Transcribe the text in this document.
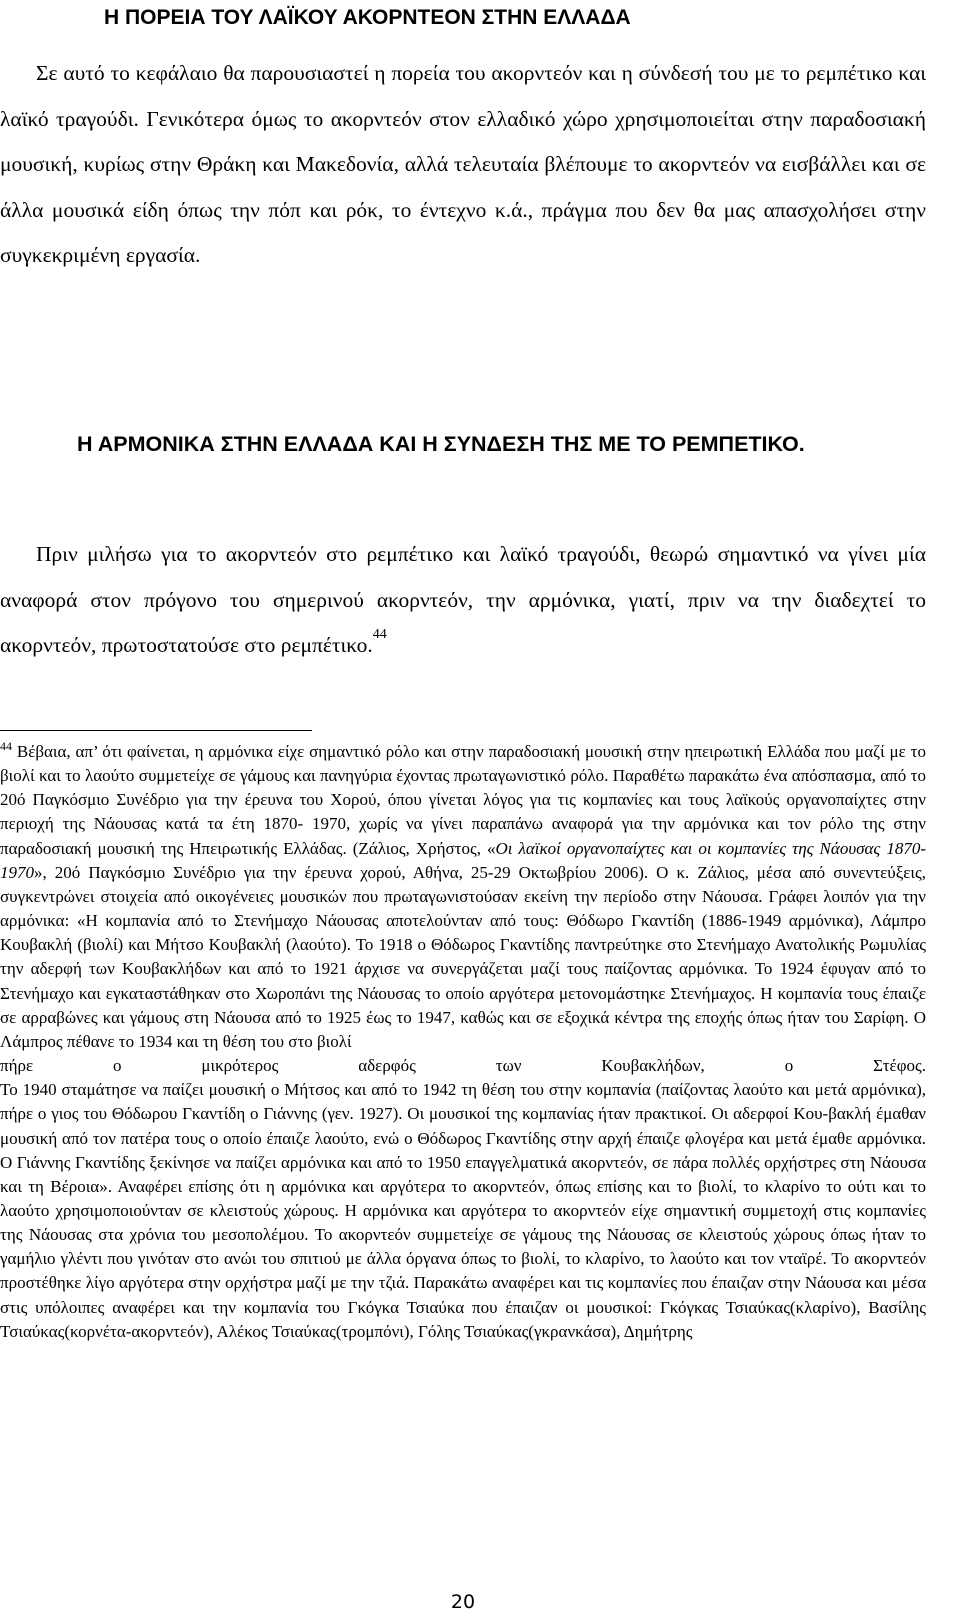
Η ΠΟΡΕΙΑ ΤΟΥ ΛΑΪΚΟΥ ΑΚΟΡΝΤΕΟΝ ΣΤΗΝ ΕΛΛΑΔΑ
Σε αυτό το κεφάλαιο θα παρουσιαστεί η πορεία του ακορντεόν και η σύνδεσή του με το ρεμπέτικο και λαϊκό τραγούδι. Γενικότερα όμως το ακορντεόν στον ελλαδικό χώρο χρησιμοποιείται στην παραδοσιακή μουσική, κυρίως στην Θράκη και Μακεδονία, αλλά τελευταία βλέπουμε το ακορντεόν να εισβάλλει και σε άλλα μουσικά είδη όπως την πόπ και ρόκ, το έντεχνο κ.ά., πράγμα που δεν θα μας απασχολήσει στην συγκεκριμένη εργασία.
Η ΑΡΜΟΝΙΚΑ ΣΤΗΝ ΕΛΛΑΔΑ ΚΑΙ Η ΣΥΝΔΕΣΗ ΤΗΣ ΜΕ ΤΟ ΡΕΜΠΕΤΙΚΟ.
Πριν μιλήσω για το ακορντεόν στο ρεμπέτικο και λαϊκό τραγούδι, θεωρώ σημαντικό να γίνει μία αναφορά στον πρόγονο του σημερινού ακορντεόν, την αρμόνικα, γιατί, πριν να την διαδεχτεί το ακορντεόν, πρωτοστατούσε στο ρεμπέτικο.$^{44}$
$^{44}$ Βέβαια, απ’ ότι φαίνεται, η αρμόνικα είχε σημαντικό ρόλο και στην παραδοσιακή μουσική στην ηπειρωτική Ελλάδα που μαζί με το βιολί και το λαούτο συμμετείχε σε γάμους και πανηγύρια έχοντας πρωταγωνιστικό ρόλο. Παραθέτω παρακάτω ένα απόσπασμα, από το 20ό Παγκόσμιο Συνέδριο για την έρευνα του Χορού, όπου γίνεται λόγος για τις κομπανίες και τους λαϊκούς οργανοπαίχτες στην περιοχή της Νάουσας κατά τα έτη 1870- 1970, χωρίς να γίνει παραπάνω αναφορά για την αρμόνικα και τον ρόλο της στην παραδοσιακή μουσική της Ηπειρωτικής Ελλάδας. (Ζάλιος, Χρήστος, «Οι λαϊκοί οργανοπαίχτες και οι κομπανίες της Νάουσας 1870-1970», 20ό Παγκόσμιο Συνέδριο για την έρευνα χορού, Αθήνα, 25-29 Οκτωβρίου 2006). Ο κ. Ζάλιος, μέσα από συνεντεύξεις, συγκεντρώνει στοιχεία από οικογένειες μουσικών που πρωταγωνιστούσαν εκείνη την περίοδο στην Νάουσα. Γράφει λοιπόν για την αρμόνικα: «Η κομπανία από το Στενήμαχο Νάουσας αποτελούνταν από τους: Θόδωρο Γκαντίδη (1886-1949 αρμόνικα), Λάμπρο Κουβακλή (βιολί) και Μήτσο Κουβακλή (λαούτο). Το 1918 ο Θόδωρος Γκαντίδης παντρεύτηκε στο Στενήμαχο Ανατολικής Ρωμυλίας την αδερφή των Κουβακλήδων και από το 1921 άρχισε να συνεργάζεται μαζί τους παίζοντας αρμόνικα. Το 1924 έφυγαν από το Στενήμαχο και εγκαταστάθηκαν στο Χωροπάνι της Νάουσας το οποίο αργότερα μετονομάστηκε Στενήμαχος. Η κομπανία τους έπαιζε σε αρραβώνες και γάμους στη Νάουσα από το 1925 έως το 1947, καθώς και σε εξοχικά κέντρα της εποχής όπως ήταν του Σαρίφη. Ο Λάμπρος πέθανε το 1934 και τη θέση του στο βιολί
πήρε ο μικρότερος αδερφός των Κουβακλήδων, ο Στέφος.
Το 1940 σταμάτησε να παίζει μουσική ο Μήτσος και από το 1942 τη θέση του στην κομπανία (παίζοντας λαούτο και μετά αρμόνικα), πήρε ο γιος του Θόδωρου Γκαντίδη ο Γιάννης (γεν. 1927). Οι μουσικοί της κομπανίας ήταν πρακτικοί. Οι αδερφοί Κου-βακλή έμαθαν μουσική από τον πατέρα τους ο οποίο έπαιζε λαούτο, ενώ ο Θόδωρος Γκαντίδης στην αρχή έπαιζε φλογέρα και μετά έμαθε αρμόνικα. Ο Γιάννης Γκαντίδης ξεκίνησε να παίζει αρμόνικα και από το 1950 επαγγελματικά ακορντεόν, σε πάρα πολλές ορχήστρες στη Νάουσα και τη Βέροια». Αναφέρει επίσης ότι η αρμόνικα και αργότερα το ακορντεόν, όπως επίσης και το βιολί, το κλαρίνο το ούτι και το λαούτο χρησιμοποιούνταν σε κλειστούς χώρους. Η αρμόνικα και αργότερα το ακορντεόν είχε σημαντική συμμετοχή στις κομπανίες της Νάουσας στα χρόνια του μεσοπολέμου. Το ακορντεόν συμμετείχε σε γάμους της Νάουσας σε κλειστούς χώρους όπως ήταν το γαμήλιο γλέντι που γινόταν στο ανώι του σπιτιού με άλλα όργανα όπως το βιολί, το κλαρίνο, το λαούτο και τον νταϊρέ. Το ακορντεόν προστέθηκε λίγο αργότερα στην ορχήστρα μαζί με την τζιά. Παρακάτω αναφέρει και τις κομπανίες που έπαιζαν στην Νάουσα και μέσα στις υπόλοιπες αναφέρει και την κομπανία του Γκόγκα Τσιαύκα που έπαιζαν οι μουσικοί: Γκόγκας Τσιαύκας(κλαρίνο), Βασίλης Τσιαύκας(κορνέτα-ακορντεόν), Αλέκος Τσιαύκας(τρομπόνι), Γόλης Τσιαύκας(γκρανκάσα), Δημήτρης
20
